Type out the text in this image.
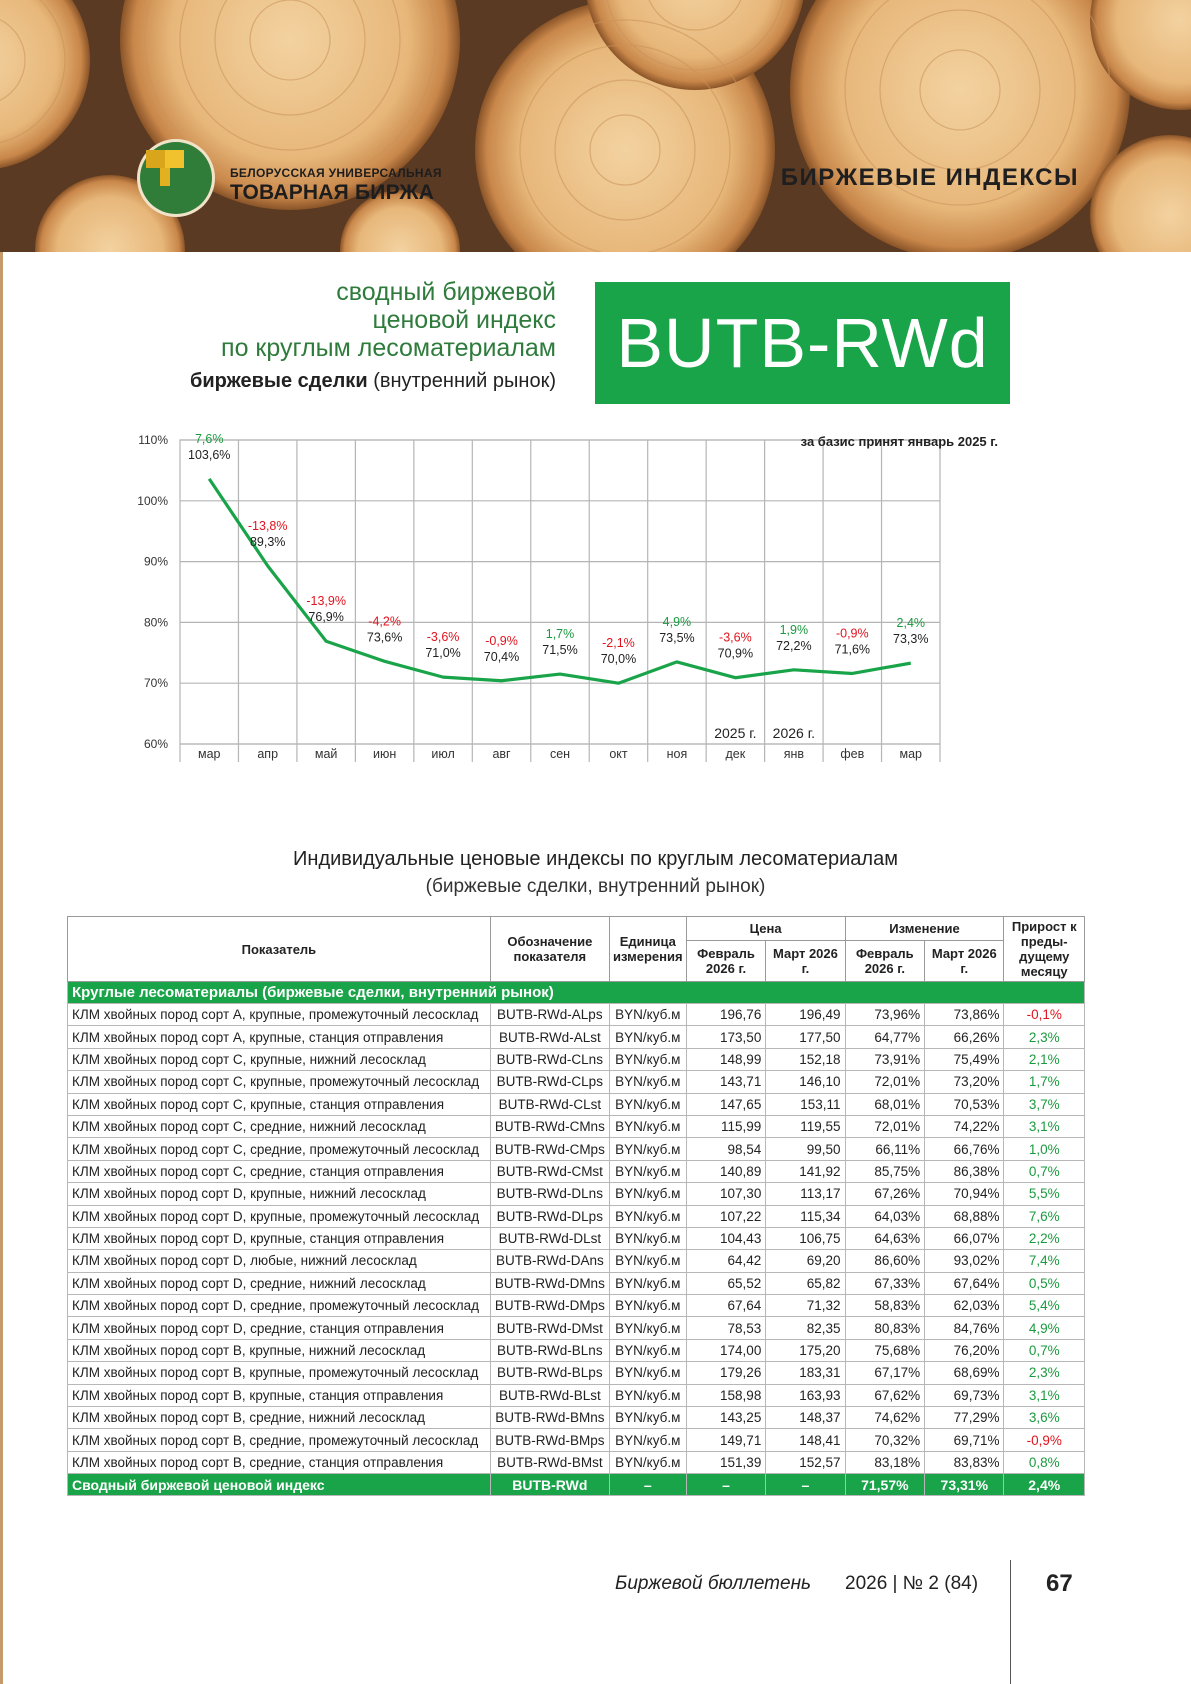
БЕЛОРУССКАЯ УНИВЕРСАЛЬНАЯ
ТОВАРНАЯ БИРЖА
БИРЖЕВЫЕ ИНДЕКСЫ
сводный биржевой
ценовой индекс
по круглым лесоматериалам
биржевые сделки (внутренний рынок) BUTB-RWd
110%
100%
90%
80%
70%
60%
мар	апр	май	июн	июл	авг	сен	окт	ноя	дек	янв	фев	мар
7,6%
103,6%
-13,8%
89,3%
-13,9%
76,9% -4,2%
73,6% -3,6%
71,0%
-0,9%
70,4%
1,7%
71,5% -2,1%
70,0%
4,9%
73,5% -3,6%
70,9%
1,9%
72,2%
-0,9%
71,6%
2,4%
73,3%
за базис принят январь 2025 г.
2025 г. 2026 г.
Индивидуальные ценовые индексы по круглым лесоматериалам
(биржевые сделки, внутренний рынок)
Показатель	Обозначение показателя	Единица измерения	Цена		Изменение		Прирост к предыдущему месяцу
			Февраль 2026 г.	Март 2026 г.	Февраль 2026 г.	Март 2026 г.	
Круглые лесоматериалы (биржевые сделки, внутренний рынок)							
КЛМ хвойных пород сорт А, крупные, промежуточный лесосклад	BUTB-RWd-ALps	BYN/куб.м	196,76	196,49	73,96%	73,86%	-0,1%
КЛМ хвойных пород сорт А, крупные, станция отправления	BUTB-RWd-ALst	BYN/куб.м	173,50	177,50	64,77%	66,26%	2,3%
КЛМ хвойных пород сорт С, крупные, нижний лесосклад	BUTB-RWd-CLns	BYN/куб.м	148,99	152,18	73,91%	75,49%	2,1%
КЛМ хвойных пород сорт С, крупные, промежуточный лесосклад	BUTB-RWd-CLps	BYN/куб.м	143,71	146,10	72,01%	73,20%	1,7%
КЛМ хвойных пород сорт С, крупные, станция отправления	BUTB-RWd-CLst	BYN/куб.м	147,65	153,11	68,01%	70,53%	3,7%
КЛМ хвойных пород сорт С, средние, нижний лесосклад	BUTB-RWd-CMns	BYN/куб.м	115,99	119,55	72,01%	74,22%	3,1%
КЛМ хвойных пород сорт С, средние, промежуточный лесосклад	BUTB-RWd-CMps	BYN/куб.м	98,54	99,50	66,11%	66,76%	1,0%
КЛМ хвойных пород сорт С, средние, станция отправления	BUTB-RWd-CMst	BYN/куб.м	140,89	141,92	85,75%	86,38%	0,7%
КЛМ хвойных пород сорт D, крупные, нижний лесосклад	BUTB-RWd-DLns	BYN/куб.м	107,30	113,17	67,26%	70,94%	5,5%
КЛМ хвойных пород сорт D, крупные, промежуточный лесосклад	BUTB-RWd-DLps	BYN/куб.м	107,22	115,34	64,03%	68,88%	7,6%
КЛМ хвойных пород сорт D, крупные, станция отправления	BUTB-RWd-DLst	BYN/куб.м	104,43	106,75	64,63%	66,07%	2,2%
КЛМ хвойных пород сорт D, любые, нижний лесосклад	BUTB-RWd-DAns	BYN/куб.м	64,42	69,20	86,60%	93,02%	7,4%
КЛМ хвойных пород сорт D, средние, нижний лесосклад	BUTB-RWd-DMns	BYN/куб.м	65,52	65,82	67,33%	67,64%	0,5%
КЛМ хвойных пород сорт D, средние, промежуточный лесосклад	BUTB-RWd-DMps	BYN/куб.м	67,64	71,32	58,83%	62,03%	5,4%
КЛМ хвойных пород сорт D, средние, станция отправления	BUTB-RWd-DMst	BYN/куб.м	78,53	82,35	80,83%	84,76%	4,9%
КЛМ хвойных пород сорт В, крупные, нижний лесосклад	BUTB-RWd-BLns	BYN/куб.м	174,00	175,20	75,68%	76,20%	0,7%
КЛМ хвойных пород сорт В, крупные, промежуточный лесосклад	BUTB-RWd-BLps	BYN/куб.м	179,26	183,31	67,17%	68,69%	2,3%
КЛМ хвойных пород сорт В, крупные, станция отправления	BUTB-RWd-BLst	BYN/куб.м	158,98	163,93	67,62%	69,73%	3,1%
КЛМ хвойных пород сорт В, средние, нижний лесосклад	BUTB-RWd-BMns	BYN/куб.м	143,25	148,37	74,62%	77,29%	3,6%
КЛМ хвойных пород сорт В, средние, промежуточный лесосклад	BUTB-RWd-BMps	BYN/куб.м	149,71	148,41	70,32%	69,71%	-0,9%
КЛМ хвойных пород сорт В, средние, станция отправления	BUTB-RWd-BMst	BYN/куб.м	151,39	152,57	83,18%	83,83%	0,8%
Сводный биржевой ценовой индекс	BUTB-RWd	–	–	–	71,57%	73,31%	2,4%
Биржевой бюллетень 2026 | № 2 (84)	67
